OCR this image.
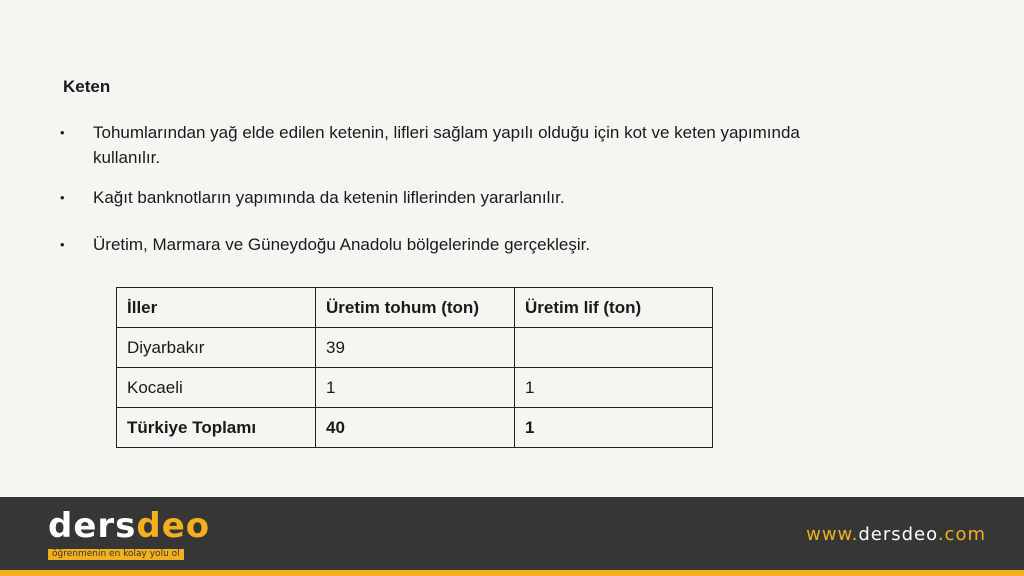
Keten

• Tohumlarından yağ elde edilen ketenin, lifleri sağlam yapılı olduğu için kot ve keten yapımında kullanılır.
• Kağıt banknotların yapımında da ketenin liflerinden yararlanılır.
• Üretim, Marmara ve Güneydoğu Anadolu bölgelerinde gerçekleşir.
İller	Üretim tohum (ton)	Üretim lif (ton)
Diyarbakır	39	
Kocaeli	1	1
Türkiye Toplamı	40	1
dersdeo
öğrenmenin en kolay yolu ol
www.dersdeo.com
